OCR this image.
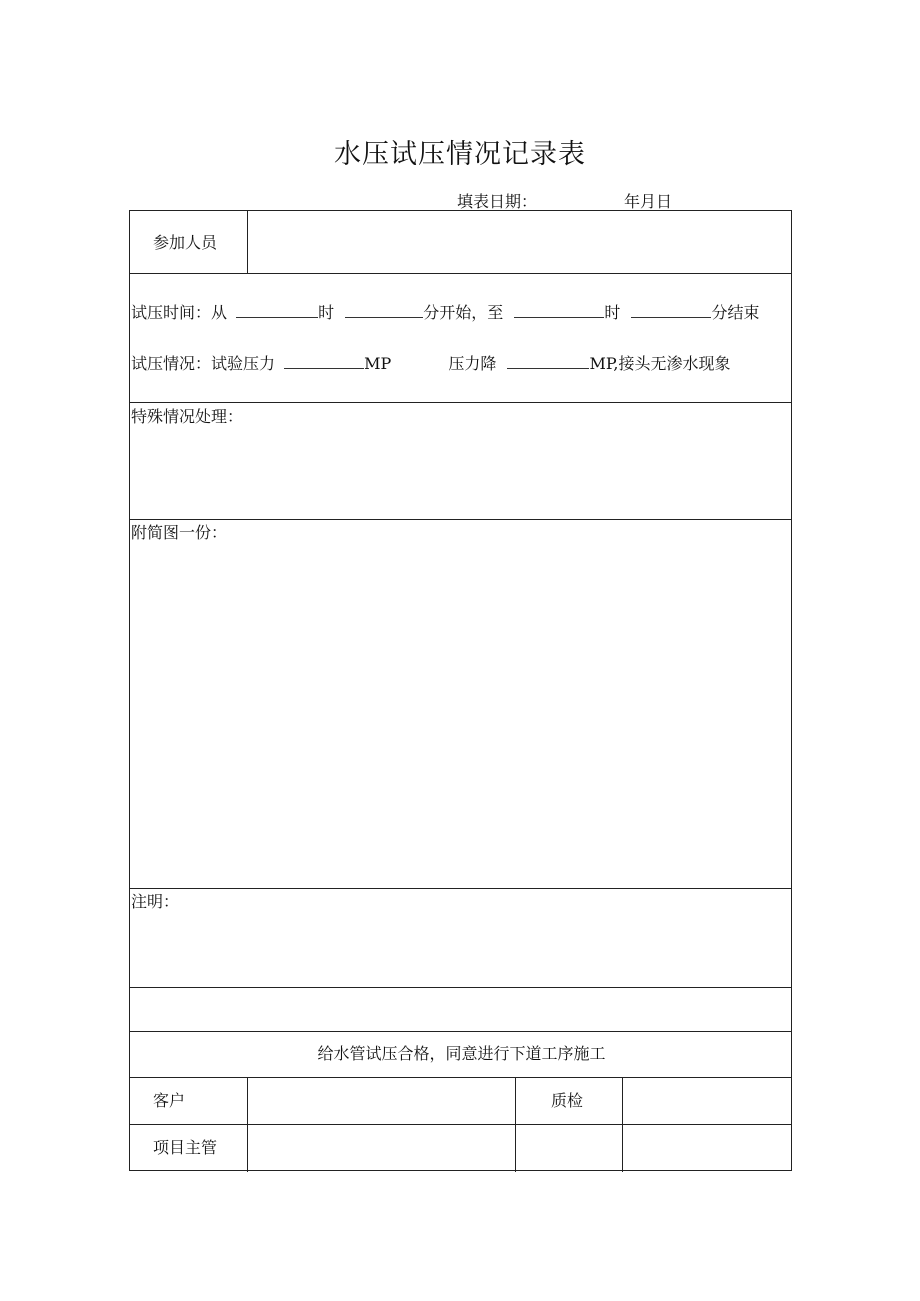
水压试压情况记录表
填表日期：	年月日
参加人员
试压时间：从	时	分开始，至	时	分结束
试压情况：试验压力	MP	压力降	MP,接头无渗水现象
特殊情况处理：
附简图一份：
注明：
给水管试压合格，同意进行下道工序施工
客户	质检
项目主管
